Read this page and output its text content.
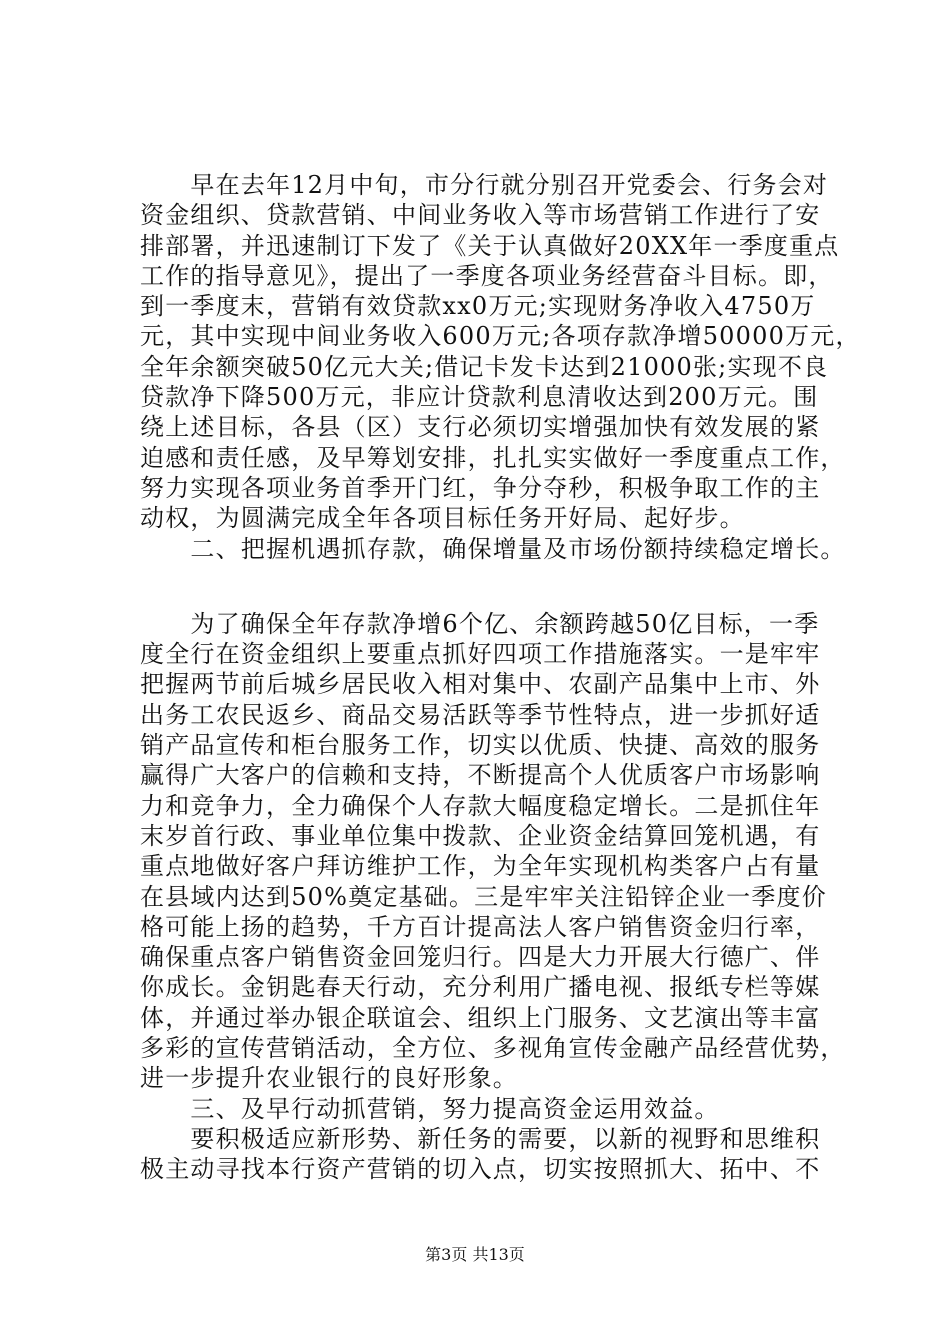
　　早在去年12月中旬，市分行就分别召开党委会、行务会对
资金组织、贷款营销、中间业务收入等市场营销工作进行了安
排部署，并迅速制订下发了《关于认真做好20XX年一季度重点
工作的指导意见》，提出了一季度各项业务经营奋斗目标。即，
到一季度末，营销有效贷款xx0万元;实现财务净收入4750万
元，其中实现中间业务收入600万元;各项存款净增50000万元，
全年余额突破50亿元大关;借记卡发卡达到21000张;实现不良
贷款净下降500万元，非应计贷款利息清收达到200万元。围
绕上述目标，各县（区）支行必须切实增强加快有效发展的紧
迫感和责任感，及早筹划安排，扎扎实实做好一季度重点工作，
努力实现各项业务首季开门红，争分夺秒，积极争取工作的主
动权，为圆满完成全年各项目标任务开好局、起好步。
　　二、把握机遇抓存款，确保增量及市场份额持续稳定增长。
　　为了确保全年存款净增6个亿、余额跨越50亿目标，一季
度全行在资金组织上要重点抓好四项工作措施落实。一是牢牢
把握两节前后城乡居民收入相对集中、农副产品集中上市、外
出务工农民返乡、商品交易活跃等季节性特点，进一步抓好适
销产品宣传和柜台服务工作，切实以优质、快捷、高效的服务
赢得广大客户的信赖和支持，不断提高个人优质客户市场影响
力和竞争力，全力确保个人存款大幅度稳定增长。二是抓住年
末岁首行政、事业单位集中拨款、企业资金结算回笼机遇，有
重点地做好客户拜访维护工作，为全年实现机构类客户占有量
在县域内达到50%奠定基础。三是牢牢关注铅锌企业一季度价
格可能上扬的趋势，千方百计提高法人客户销售资金归行率，
确保重点客户销售资金回笼归行。四是大力开展大行德广、伴
你成长。金钥匙春天行动，充分利用广播电视、报纸专栏等媒
体，并通过举办银企联谊会、组织上门服务、文艺演出等丰富
多彩的宣传营销活动，全方位、多视角宣传金融产品经营优势，
进一步提升农业银行的良好形象。
　　三、及早行动抓营销，努力提高资金运用效益。
　　要积极适应新形势、新任务的需要，以新的视野和思维积
极主动寻找本行资产营销的切入点，切实按照抓大、拓中、不
第3页 共13页
